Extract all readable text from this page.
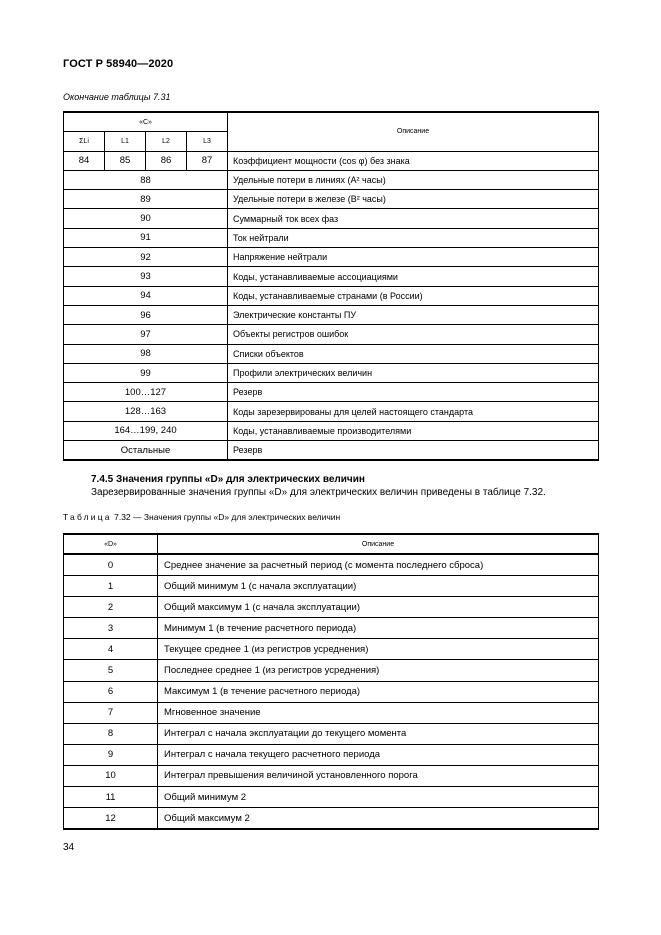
ГОСТ Р 58940—2020
Окончание таблицы 7.31
«C»				Описание
ΣLi	L1	L2	L3	
84	85	86	87	Коэффициент мощности (cos φ) без знака
88				Удельные потери в линиях (A² часы)
89				Удельные потери в железе (B² часы)
90				Суммарный ток всех фаз
91				Ток нейтрали
92				Напряжение нейтрали
93				Коды, устанавливаемые ассоциациями
94				Коды, устанавливаемые странами (в России)
96				Электрические константы ПУ
97				Объекты регистров ошибок
98				Списки объектов
99				Профили электрических величин
100…127				Резерв
128…163				Коды зарезервированы для целей настоящего стандарта
164…199, 240				Коды, устанавливаемые производителями
Остальные				Резерв
7.4.5 Значения группы «D» для электрических величин
Зарезервированные значения группы «D» для электрических величин приведены в таблице 7.32.
Таблица 7.32 — Значения группы «D» для электрических величин
«D»	Описание
0	Среднее значение за расчетный период (с момента последнего сброса)
1	Общий минимум 1 (с начала эксплуатации)
2	Общий максимум 1 (с начала эксплуатации)
3	Минимум 1 (в течение расчетного периода)
4	Текущее среднее 1 (из регистров усреднения)
5	Последнее среднее 1 (из регистров усреднения)
6	Максимум 1 (в течение расчетного периода)
7	Мгновенное значение
8	Интеграл с начала эксплуатации до текущего момента
9	Интеграл с начала текущего расчетного периода
10	Интеграл превышения величиной установленного порога
11	Общий минимум 2
12	Общий максимум 2
34
